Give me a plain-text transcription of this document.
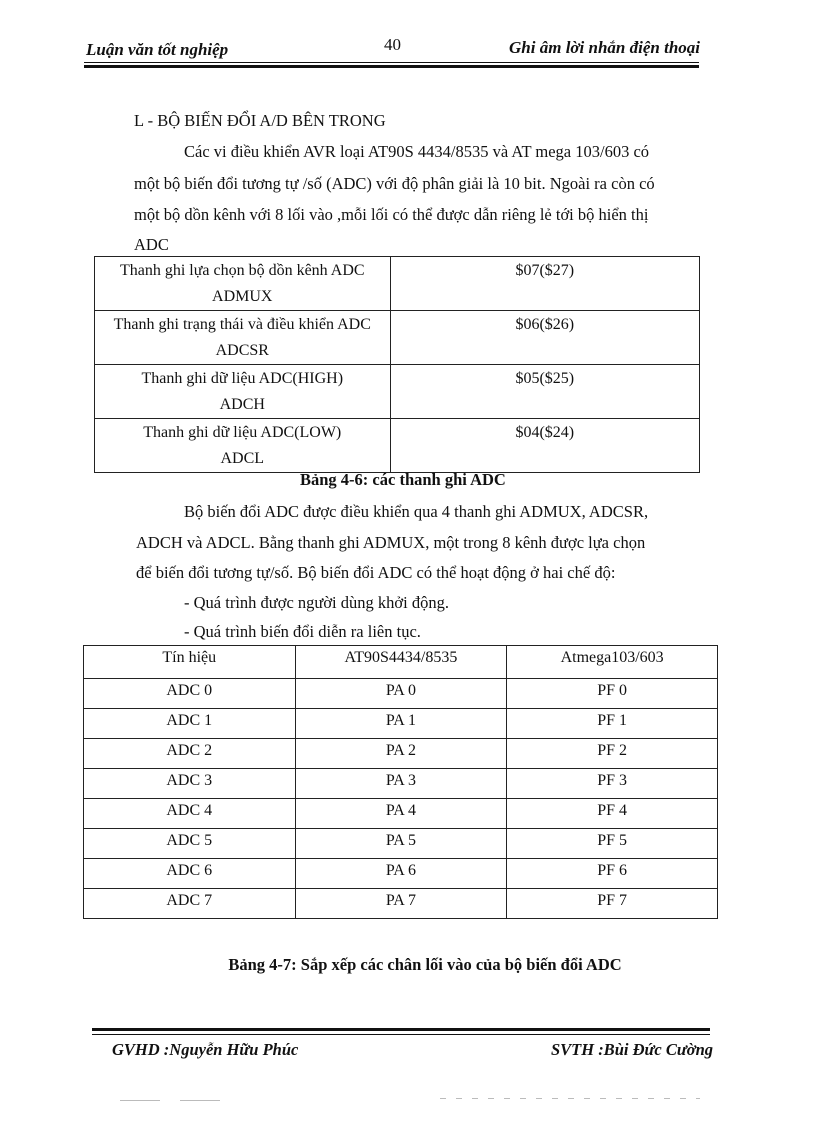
Luận văn tốt nghiệp	40	Ghi âm lời nhắn điện thoại
L - BỘ BIẾN ĐỔI A/D BÊN TRONG
Các vi điều khiển AVR loại AT90S 4434/8535 và AT mega 103/603 có
một bộ biến đổi tương tự /số (ADC) với độ phân giải là 10 bit. Ngoài ra còn có
một bộ dồn kênh với 8 lối vào ,mỗi lối có thể được dẫn riêng lẻ tới bộ hiển thị
ADC
Thanh ghi lựa chọn bộ dồn kênh ADC
ADMUX	$07($27)

Thanh ghi trạng thái và điều khiển ADC
ADCSR	$06($26)

Thanh ghi dữ liệu ADC(HIGH)
ADCH	$05($25)

Thanh ghi dữ liệu ADC(LOW)
ADCL	$04($24)
Bảng 4-6: các thanh ghi ADC
Bộ biến đổi ADC được điều khiển qua 4 thanh ghi ADMUX, ADCSR,
ADCH và ADCL. Bằng thanh ghi ADMUX, một trong 8 kênh được lựa chọn
để biến đổi tương tự/số. Bộ biến đổi ADC có thể hoạt động ở hai chế độ:
- Quá trình được người dùng khởi động.
- Quá trình biến đổi diễn ra liên tục.
Tín hiệu	AT90S4434/8535	Atmega103/603
ADC 0	PA 0	PF 0
ADC 1	PA 1	PF 1
ADC 2	PA 2	PF 2
ADC 3	PA 3	PF 3
ADC 4	PA 4	PF 4
ADC 5	PA 5	PF 5
ADC 6	PA 6	PF 6
ADC 7	PA 7	PF 7
Bảng 4-7: Sắp xếp các chân lối vào của bộ biến đổi ADC
GVHD :Nguyễn Hữu Phúc	SVTH :Bùi Đức Cường
